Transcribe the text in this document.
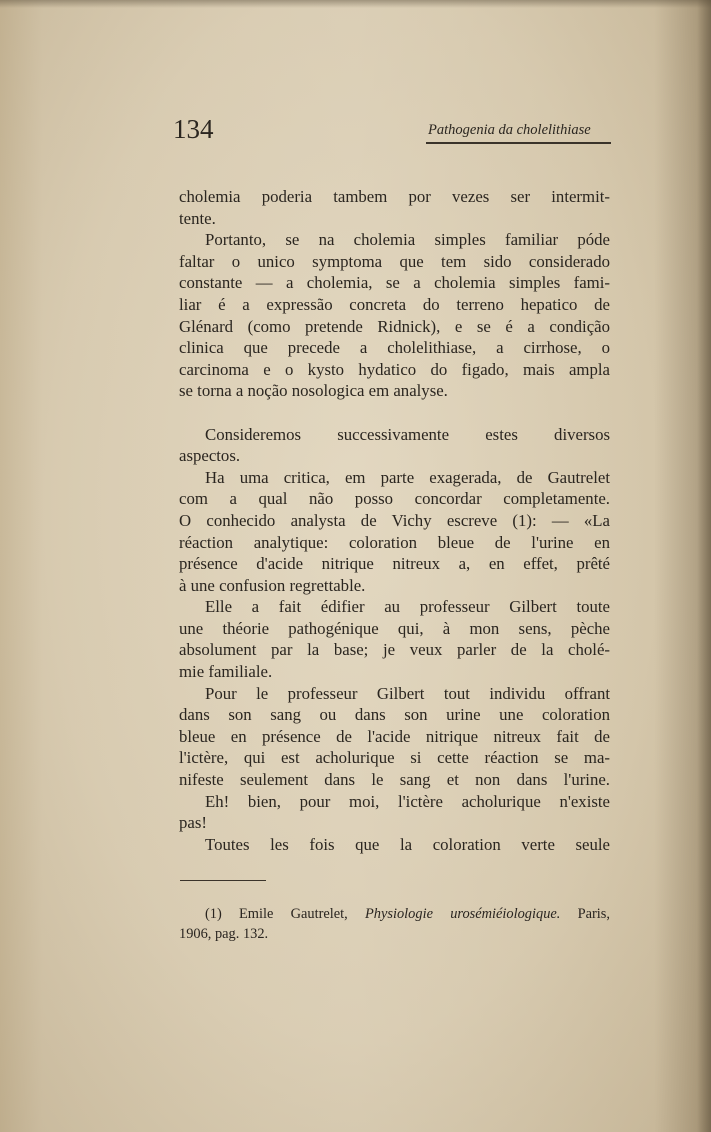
134	Pathogenia da cholelithiase
cholemia poderia tambem por vezes ser intermit-
tente.
Portanto, se na cholemia simples familiar póde
faltar o unico symptoma que tem sido considerado
constante — a cholemia, se a cholemia simples fami-
liar é a expressão concreta do terreno hepatico de
Glénard (como pretende Ridnick), e se é a condição
clinica que precede a cholelithiase, a cirrhose, o
carcinoma e o kysto hydatico do figado, mais ampla
se torna a noção nosologica em analyse.
Consideremos successivamente estes diversos
aspectos.
Ha uma critica, em parte exagerada, de Gautrelet
com a qual não posso concordar completamente.
O conhecido analysta de Vichy escreve (1): — «La
réaction analytique: coloration bleue de l'urine en
présence d'acide nitrique nitreux a, en effet, prêté
à une confusion regrettable.
Elle a fait édifier au professeur Gilbert toute
une théorie pathogénique qui, à mon sens, pèche
absolument par la base; je veux parler de la cholé-
mie familiale.
Pour le professeur Gilbert tout individu offrant
dans son sang ou dans son urine une coloration
bleue en présence de l'acide nitrique nitreux fait de
l'ictère, qui est acholurique si cette réaction se ma-
nifeste seulement dans le sang et non dans l'urine.
Eh! bien, pour moi, l'ictère acholurique n'existe
pas!
Toutes les fois que la coloration verte seule
(1) Emile Gautrelet, Physiologie urosémiéiologique. Paris,
1906, pag. 132.
